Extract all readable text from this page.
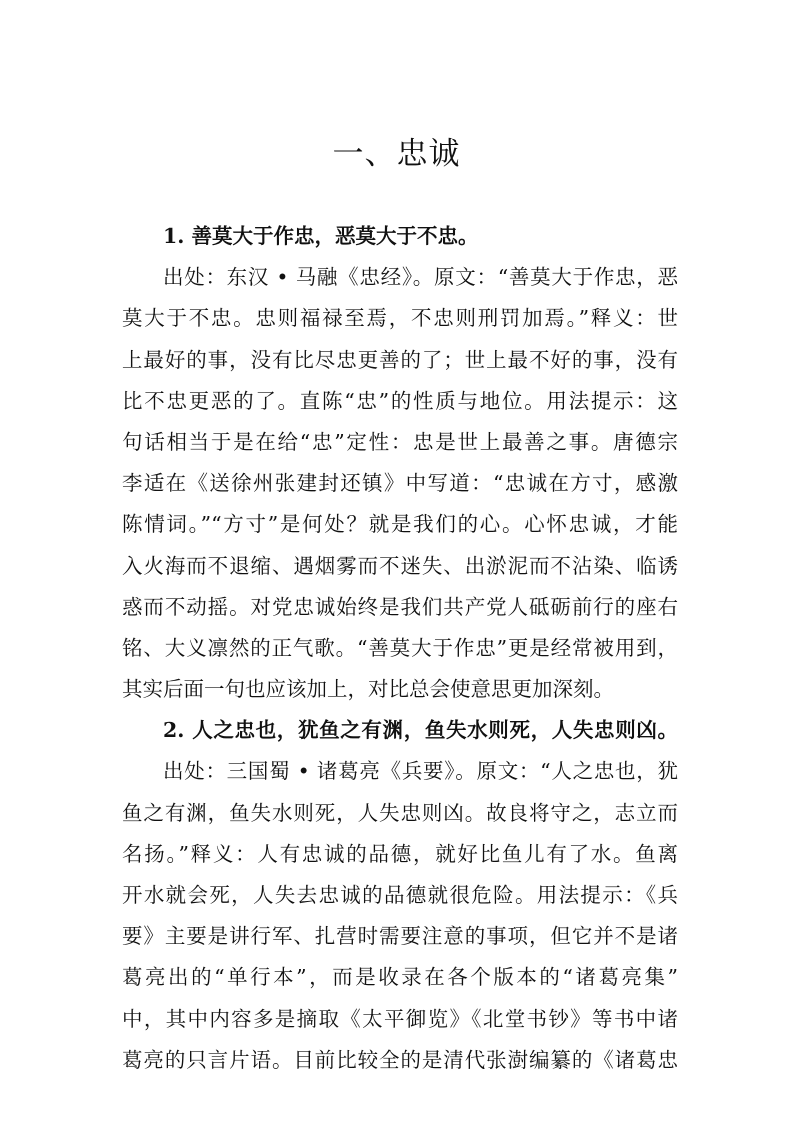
一、忠诚
1. 善莫大于作忠，恶莫大于不忠。
出处：东汉 • 马融《忠经》。原文：“善莫大于作忠，恶
莫大于不忠。忠则福禄至焉，不忠则刑罚加焉。”释义：世
上最好的事，没有比尽忠更善的了；世上最不好的事，没有
比不忠更恶的了。直陈“忠”的性质与地位。用法提示：这
句话相当于是在给“忠”定性：忠是世上最善之事。唐德宗
李适在《送徐州张建封还镇》中写道：“忠诚在方寸，感激
陈情词。”“方寸”是何处？就是我们的心。心怀忠诚，才能
入火海而不退缩、遇烟雾而不迷失、出淤泥而不沾染、临诱
惑而不动摇。对党忠诚始终是我们共产党人砥砺前行的座右
铭、大义凛然的正气歌。“善莫大于作忠”更是经常被用到，
其实后面一句也应该加上，对比总会使意思更加深刻。
2. 人之忠也，犹鱼之有渊，鱼失水则死，人失忠则凶。
出处：三国蜀 • 诸葛亮《兵要》。原文：“人之忠也，犹
鱼之有渊，鱼失水则死，人失忠则凶。故良将守之，志立而
名扬。”释义：人有忠诚的品德，就好比鱼儿有了水。鱼离
开水就会死，人失去忠诚的品德就很危险。用法提示：《兵
要》主要是讲行军、扎营时需要注意的事项，但它并不是诸
葛亮出的“单行本”，而是收录在各个版本的“诸葛亮集”
中，其中内容多是摘取《太平御览》《北堂书钞》等书中诸
葛亮的只言片语。目前比较全的是清代张澍编纂的《诸葛忠
